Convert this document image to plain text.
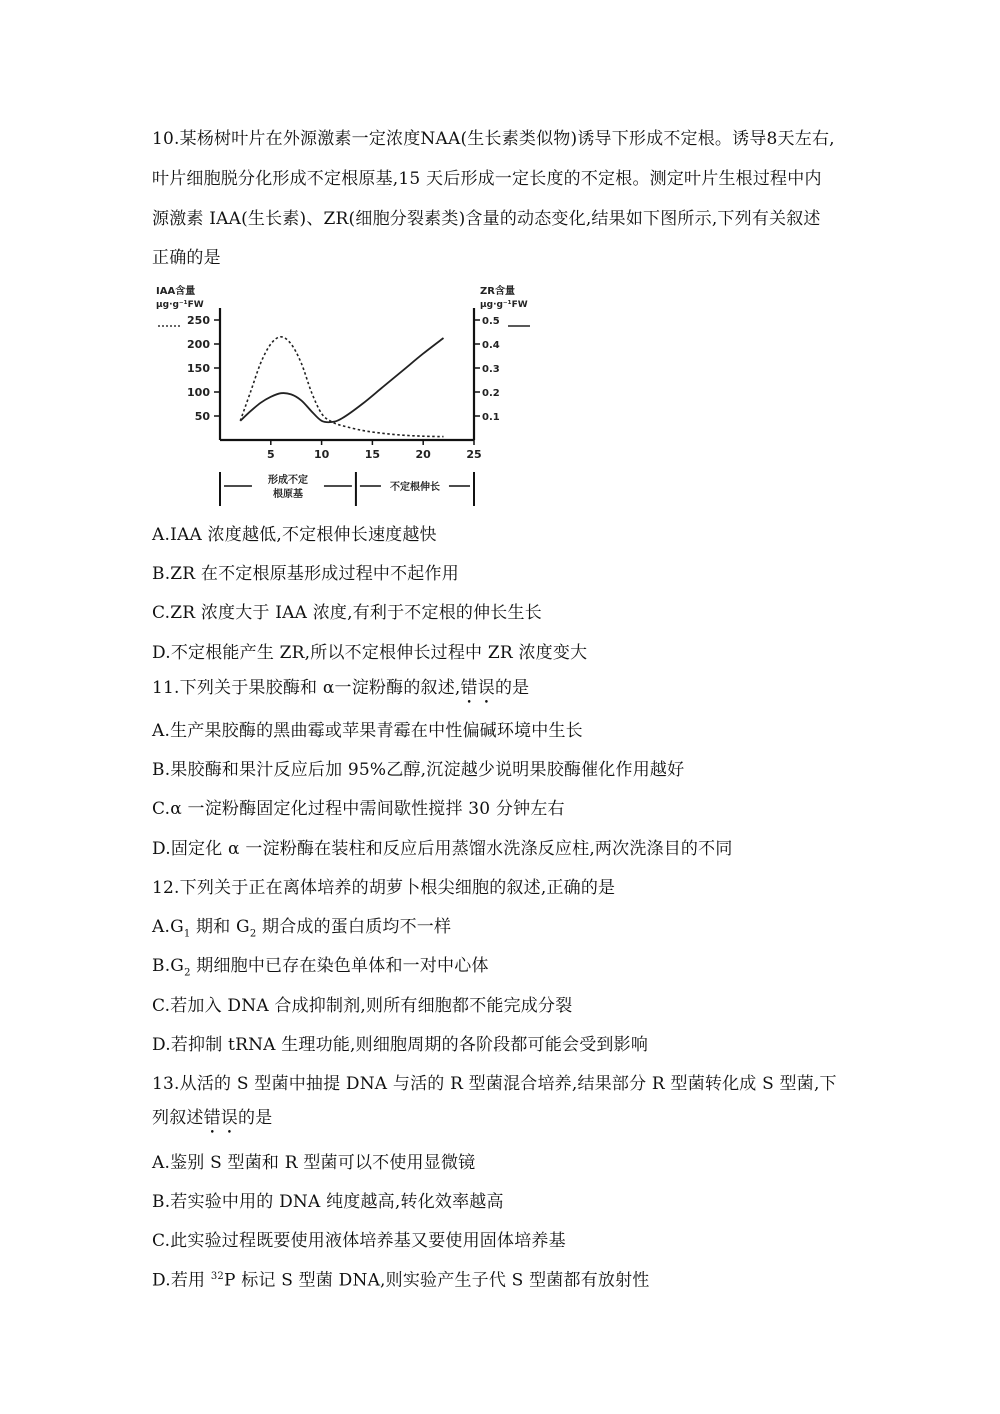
10.某杨树叶片在外源激素一定浓度NAA(生长素类似物)诱导下形成不定根。诱导8天左右,
叶片细胞脱分化形成不定根原基,15 天后形成一定长度的不定根。测定叶片生根过程中内
源激素 IAA(生长素)、ZR(细胞分裂素类)含量的动态变化,结果如下图所示,下列有关叙述
正确的是
IAA含量
μg·g⁻¹FW
50
100
150
200
250
ZR含量
μg·g⁻¹FW
0.1
0.2
0.3
0.4
0.5
5	10	15	20	25
形成不定
根原基
不定根伸长
A.IAA 浓度越低,不定根伸长速度越快
B.ZR 在不定根原基形成过程中不起作用
C.ZR 浓度大于 IAA 浓度,有利于不定根的伸长生长
D.不定根能产生 ZR,所以不定根伸长过程中 ZR 浓度变大
11.下列关于果胶酶和 α一淀粉酶的叙述,错误的是
A.生产果胶酶的黑曲霉或苹果青霉在中性偏碱环境中生长
B.果胶酶和果汁反应后加 95%乙醇,沉淀越少说明果胶酶催化作用越好
C.α 一淀粉酶固定化过程中需间歇性搅拌 30 分钟左右
D.固定化 α 一淀粉酶在装柱和反应后用蒸馏水洗涤反应柱,两次洗涤目的不同
12.下列关于正在离体培养的胡萝卜根尖细胞的叙述,正确的是
$A.G_1$ 期和 $G_2$ 期合成的蛋白质均不一样
$B.G_2$ 期细胞中已存在染色单体和一对中心体
C.若加入 DNA 合成抑制剂,则所有细胞都不能完成分裂
D.若抑制 tRNA 生理功能,则细胞周期的各阶段都可能会受到影响
13.从活的 S 型菌中抽提 DNA 与活的 R 型菌混合培养,结果部分 R 型菌转化成 S 型菌,下
列叙述错误的是
A.鉴别 S 型菌和 R 型菌可以不使用显微镜
B.若实验中用的 DNA 纯度越高,转化效率越高
C.此实验过程既要使用液体培养基又要使用固体培养基
D.若用 $^{32}$P 标记 S 型菌 DNA,则实验产生子代 S 型菌都有放射性
